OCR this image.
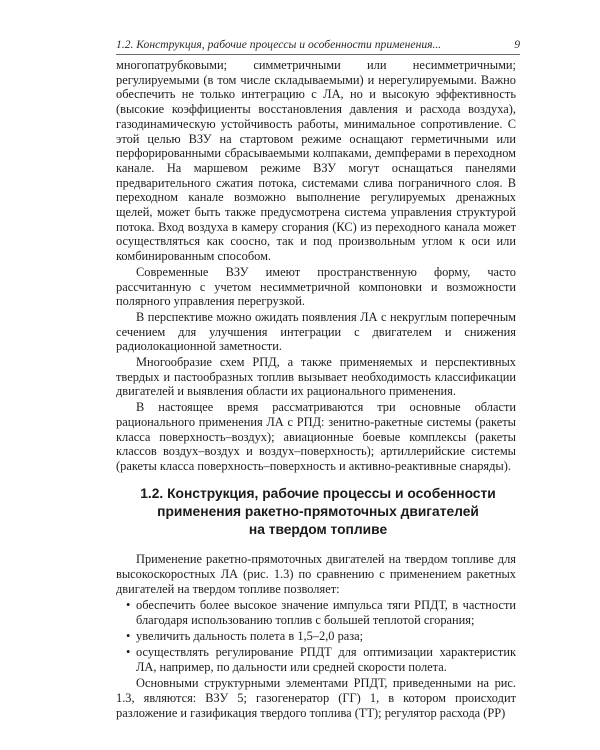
1.2. Конструкция, рабочие процессы и особенности применения...	9

многопатрубковыми; симметричными или несимметричными; регулируемыми (в том числе складываемыми) и нерегулируемыми. Важно обеспечить не только интеграцию с ЛА, но и высокую эффективность (высокие коэффициенты восстановления давления и расхода воздуха), газодинамическую устойчивость работы, минимальное сопротивление. С этой целью ВЗУ на стартовом режиме оснащают герметичными или перфорированными сбрасываемыми колпаками, демпферами в переходном канале. На маршевом режиме ВЗУ могут оснащаться панелями предварительного сжатия потока, системами слива пограничного слоя. В переходном канале возможно выполнение регулируемых дренажных щелей, может быть также предусмотрена система управления структурой потока. Вход воздуха в камеру сгорания (КС) из переходного канала может осуществляться как соосно, так и под произвольным углом к оси или комбинированным способом.

Современные ВЗУ имеют пространственную форму, часто рассчитанную с учетом несимметричной компоновки и возможности полярного управления перегрузкой.

В перспективе можно ожидать появления ЛА с некруглым поперечным сечением для улучшения интеграции с двигателем и снижения радиолокационной заметности.

Многообразие схем РПД, а также применяемых и перспективных твердых и пастообразных топлив вызывает необходимость классификации двигателей и выявления области их рационального применения.

В настоящее время рассматриваются три основные области рационального применения ЛА с РПД: зенитно-ракетные системы (ракеты класса поверхность–воздух); авиационные боевые комплексы (ракеты классов воздух–воздух и воздух–поверхность); артиллерийские системы (ракеты класса поверхность–поверхность и активно-реактивные снаряды).

1.2. Конструкция, рабочие процессы и особенности
применения ракетно-прямоточных двигателей
на твердом топливе

Применение ракетно-прямоточных двигателей на твердом топливе для высокоскоростных ЛА (рис. 1.3) по сравнению с применением ракетных двигателей на твердом топливе позволяет:

• обеспечить более высокое значение импульса тяги РПДТ, в частности благодаря использованию топлив с большей теплотой сгорания;

• увеличить дальность полета в 1,5–2,0 раза;

• осуществлять регулирование РПДТ для оптимизации характеристик ЛА, например, по дальности или средней скорости полета.

Основными структурными элементами РПДТ, приведенными на рис. 1.3, являются: ВЗУ 5; газогенератор (ГГ) 1, в котором происходит разложение и газификация твердого топлива (ТТ); регулятор расхода (РР)
